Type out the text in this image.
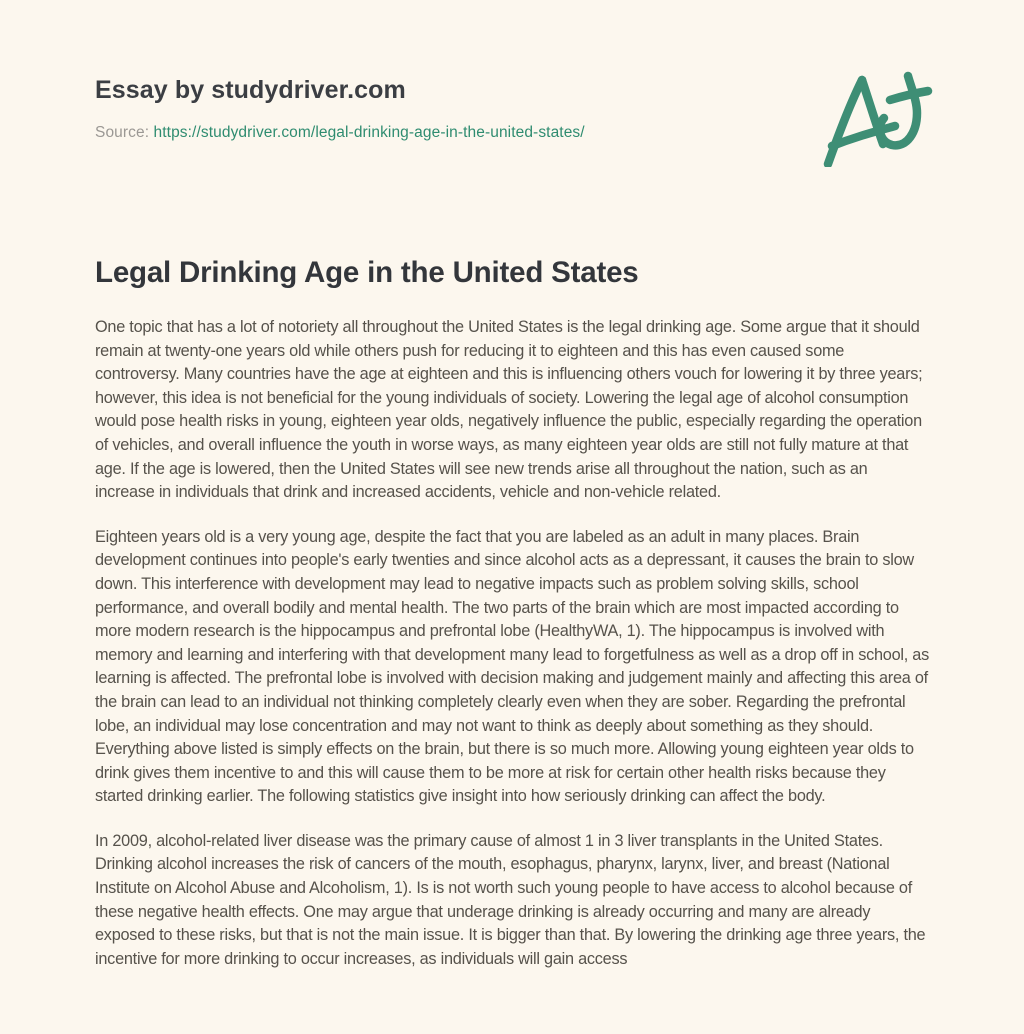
Essay by studydriver.com
Source: https://studydriver.com/legal-drinking-age-in-the-united-states/
Legal Drinking Age in the United States

One topic that has a lot of notoriety all throughout the United States is the legal drinking age. Some argue that it should remain at twenty-one years old while others push for reducing it to eighteen and this has even caused some controversy. Many countries have the age at eighteen and this is influencing others vouch for lowering it by three years; however, this idea is not beneficial for the young individuals of society. Lowering the legal age of alcohol consumption would pose health risks in young, eighteen year olds, negatively influence the public, especially regarding the operation of vehicles, and overall influence the youth in worse ways, as many eighteen year olds are still not fully mature at that age. If the age is lowered, then the United States will see new trends arise all throughout the nation, such as an increase in individuals that drink and increased accidents, vehicle and non-vehicle related.

Eighteen years old is a very young age, despite the fact that you are labeled as an adult in many places. Brain development continues into people's early twenties and since alcohol acts as a depressant, it causes the brain to slow down. This interference with development may lead to negative impacts such as problem solving skills, school performance, and overall bodily and mental health. The two parts of the brain which are most impacted according to more modern research is the hippocampus and prefrontal lobe (HealthyWA, 1). The hippocampus is involved with memory and learning and interfering with that development many lead to forgetfulness as well as a drop off in school, as learning is affected. The prefrontal lobe is involved with decision making and judgement mainly and affecting this area of the brain can lead to an individual not thinking completely clearly even when they are sober. Regarding the prefrontal lobe, an individual may lose concentration and may not want to think as deeply about something as they should. Everything above listed is simply effects on the brain, but there is so much more. Allowing young eighteen year olds to drink gives them incentive to and this will cause them to be more at risk for certain other health risks because they started drinking earlier. The following statistics give insight into how seriously drinking can affect the body.

In 2009, alcohol-related liver disease was the primary cause of almost 1 in 3 liver transplants in the United States. Drinking alcohol increases the risk of cancers of the mouth, esophagus, pharynx, larynx, liver, and breast (National Institute on Alcohol Abuse and Alcoholism, 1). Is is not worth such young people to have access to alcohol because of these negative health effects. One may argue that underage drinking is already occurring and many are already exposed to these risks, but that is not the main issue. It is bigger than that. By lowering the drinking age three years, the incentive for more drinking to occur increases, as individuals will gain access
